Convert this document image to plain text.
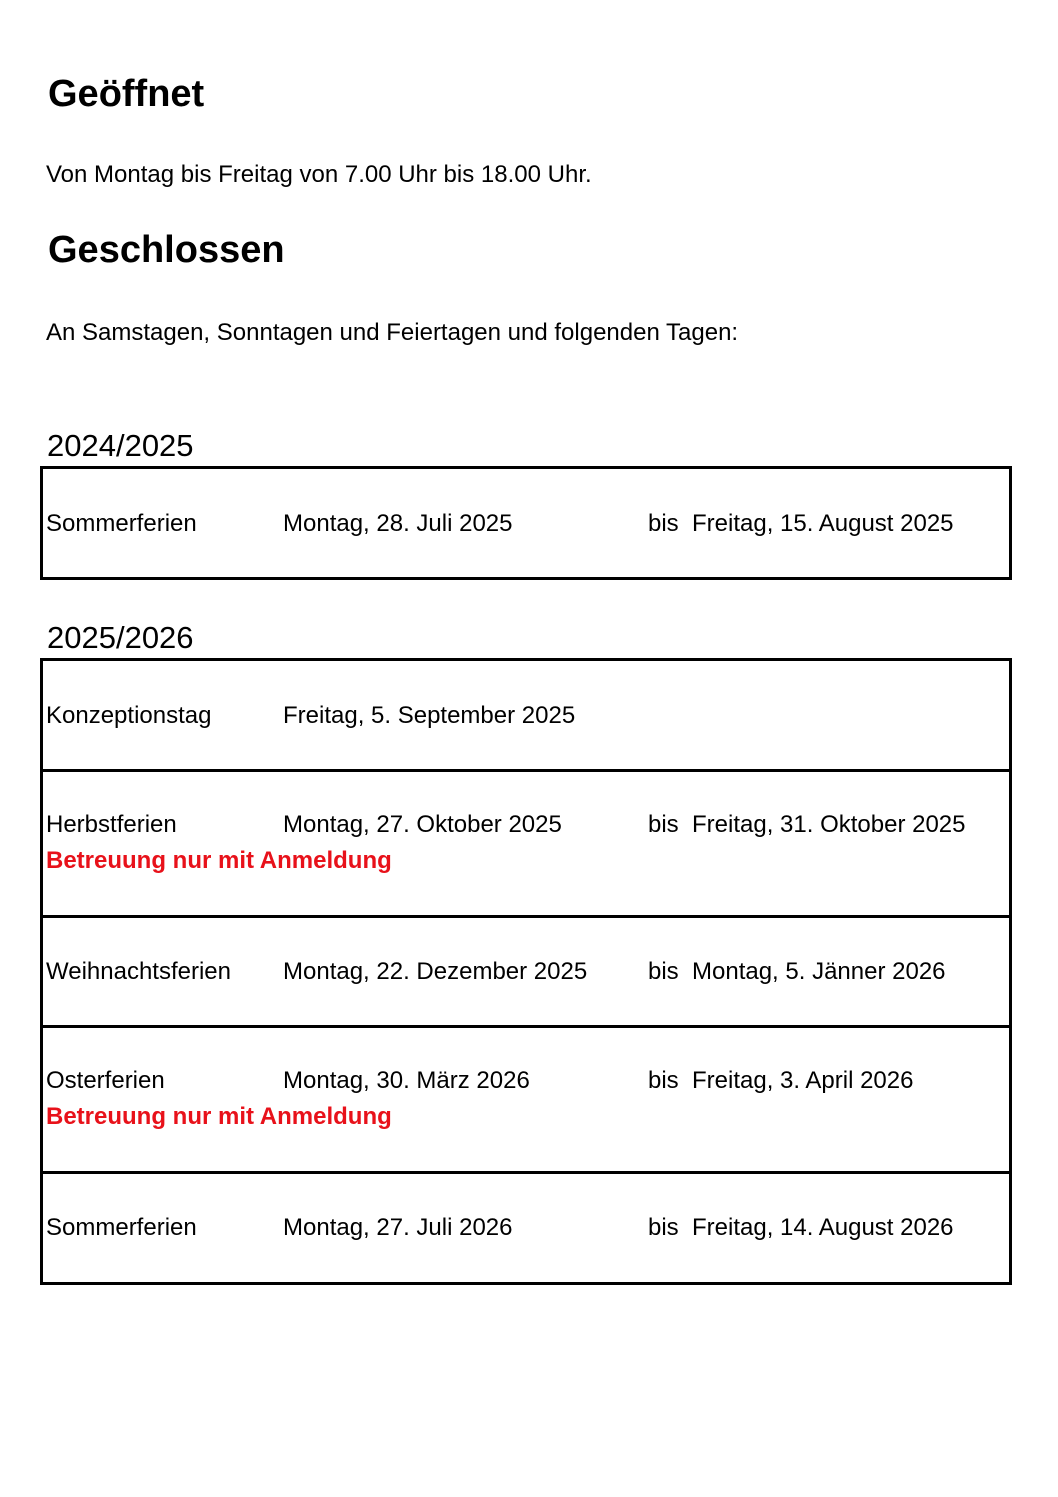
Geöffnet

Von Montag bis Freitag von 7.00 Uhr bis 18.00 Uhr.

Geschlossen

An Samstagen, Sonntagen und Feiertagen und folgenden Tagen:

2024/2025
Sommerferien	Montag, 28. Juli 2025	bis Freitag, 15. August 2025
2025/2026
Konzeptionstag	Freitag, 5. September 2025
Herbstferien	Montag, 27. Oktober 2025	bis Freitag, 31. Oktober 2025
Betreuung nur mit Anmeldung
Weihnachtsferien Montag, 22. Dezember 2025	bis Montag, 5. Jänner 2026
Osterferien	Montag, 30. März 2026	bis Freitag, 3. April 2026
Betreuung nur mit Anmeldung
Sommerferien	Montag, 27. Juli 2026	bis Freitag, 14. August 2026
